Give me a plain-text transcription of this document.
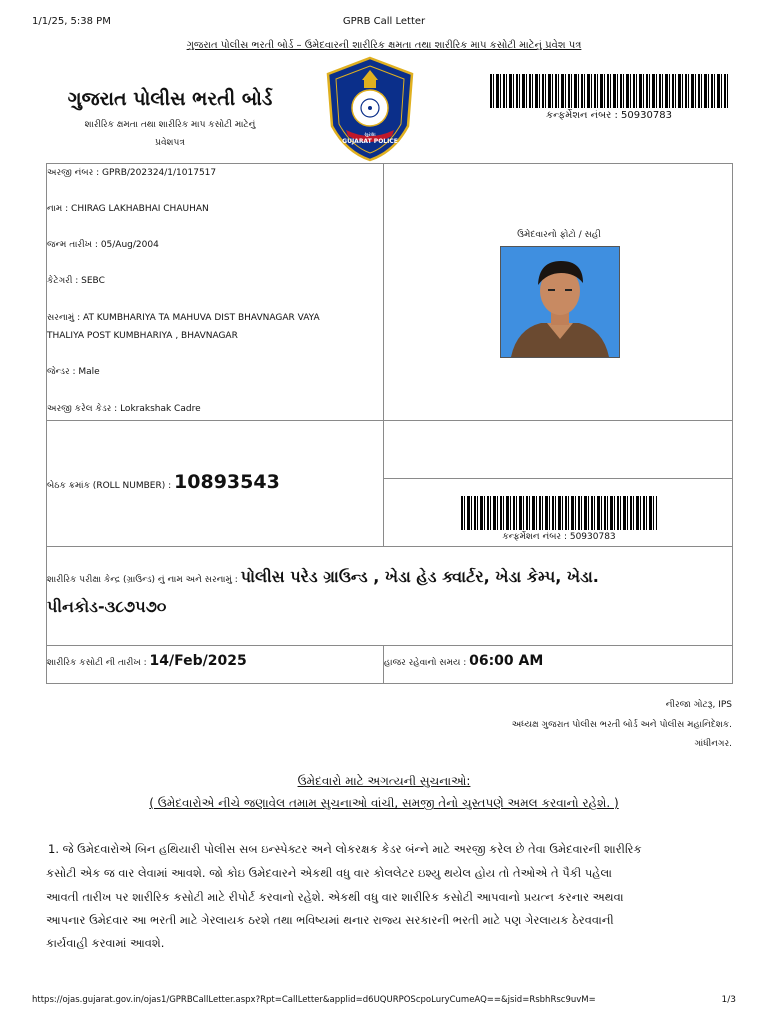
1/1/25, 5:38 PM	GPRB Call Letter
ગુજરાત પોલીસ ભરતી બોર્ડ – ઉમેદવારની શારીરિક ક્ષમતા તથા શારીરિક માપ કસોટી માટેનું પ્રવેશ પત્ર
ગુજરાત પોલીસ ભરતી બોર્ડ
શારીરિક ક્ષમતા તથા શારીરિક માપ કસોટી માટેનું
પ્રવેશપત્ર
સુરક્ષા
GUJARAT POLICE
કન્ફર્મેશન નંબર : 50930783
અરજી નંબર : GPRB/202324/1/1017517
નામ : CHIRAG LAKHABHAI CHAUHAN
જન્મ તારીખ : 05/Aug/2004
કેટેગરી : SEBC
સરનામું : AT KUMBHARIYA TA MAHUVA DIST BHAVNAGAR VAYA
THALIYA POST KUMBHARIYA , BHAVNAGAR
જેન્ડર : Male
અરજી કરેલ કેડર : Lokrakshak Cadre
ઉમેદવારનો ફોટો / સહી
બેઠક ક્રમાંક (ROLL NUMBER) : 10893543
કન્ફર્મેશન નંબર : 50930783
શારીરિક પરીક્ષા કેન્દ્ર (ગ્રાઉન્ડ) નું નામ અને સરનામું : પોલીસ પરેડ ગ્રાઉન્ડ , ખેડા હેડ ક્વાર્ટર, ખેડા કેમ્પ, ખેડા.
પીનકોડ-૩૮૭૫૭૦
શારીરિક કસોટી ની તારીખ : 14/Feb/2025	હાજર રહેવાનો સમય : 06:00 AM
નીરજા ગોટરૂ, IPS
અધ્યક્ષ ગુજરાત પોલીસ ભરતી બોર્ડ અને પોલીસ મહાનિદેશક.
ગાંધીનગર.
ઉમેદવારો માટે અગત્યની સુચનાઓ:
( ઉમેદવારોએ નીચે જણાવેલ તમામ સુચનાઓ વાંચી, સમજી તેનો ચુસ્તપણે અમલ કરવાનો રહેશે. )
1. જે ઉમેદવારોએ બિન હથિયારી પોલીસ સબ ઇન્સ્પેક્ટર અને લોકરક્ષક કેડર બંન્ને માટે અરજી કરેલ છે તેવા ઉમેદવારની શારીરિક
કસોટી એક જ વાર લેવામાં આવશે. જો કોઇ ઉમેદવારને એકથી વધુ વાર કોલલેટર ઇશ્યુ થયેલ હોય તો તેઓએ તે પૈકી પહેલા
આવતી તારીખ પર શારીરિક કસોટી માટે રીપોર્ટ કરવાનો રહેશે. એકથી વધુ વાર શારીરિક કસોટી આપવાનો પ્રયત્ન કરનાર અથવા
આપનાર ઉમેદવાર આ ભરતી માટે ગેરલાયક ઠરશે તથા ભવિષ્યમાં થનાર રાજ્ય સરકારની ભરતી માટે પણ ગેરલાયક ઠેરવવાની
કાર્યવાહી કરવામાં આવશે.
https://ojas.gujarat.gov.in/ojas1/GPRBCallLetter.aspx?Rpt=CallLetter&applid=d6UQURPOScpoLuryCumeAQ==&jsid=RsbhRsc9uvM=	1/3
